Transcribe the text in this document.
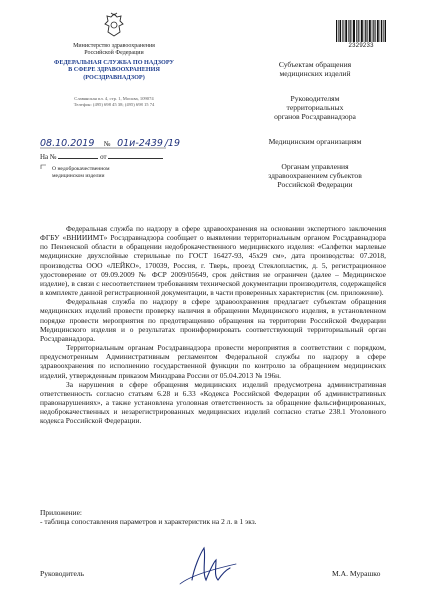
Министерство здравоохранения
Российской Федерации
ФЕДЕРАЛЬНАЯ СЛУЖБА ПО НАДЗОРУ
В СФЕРЕ ЗДРАВООХРАНЕНИЯ
(РОСЗДРАВНАДЗОР)
Славянская пл. 4, стр. 1, Москва, 109074
Телефон: (495) 698 45 38; (495) 698 15 74
2329233
08.10.2019 № 01и-2439 /19
На №	от
О недоброкачественном
медицинском изделии
Субъектам обращения
медицинских изделий
Руководителям
территориальных
органов Росздравнадзора
Медицинским организациям
Органам управления
здравоохранением субъектов
Российской Федерации

Федеральная служба по надзору в сфере здравоохранения на основании экспертного заключения ФГБУ «ВНИИИМТ» Росздравнадзора сообщает о выявлении территориальным органом Росздравнадзора по Пензенской области в обращении недоброкачественного медицинского изделия: «Салфетки марлевые медицинские двухслойные стерильные по ГОСТ 16427-93, 45х29 см», дата производства: 07.2018, производства ООО «ЛЕЙКО», 170039, Россия, г. Тверь, проезд Стеклопластик, д. 5, регистрационное удостоверение от 09.09.2009 № ФСР 2009/05649, срок действия не ограничен (далее – Медицинское изделие), в связи с несоответствием требованиям технической документации производителя, содержащейся в комплекте данной регистрационной документации, в части проверенных характеристик (см. приложение).

Федеральная служба по надзору в сфере здравоохранения предлагает субъектам обращения медицинских изделий провести проверку наличия в обращении Медицинского изделия, в установленном порядке провести мероприятия по предотвращению обращения на территории Российской Федерации Медицинского изделия и о результатах проинформировать соответствующий территориальный орган Росздравнадзора.

Территориальным органам Росздравнадзора провести мероприятия в соответствии с порядком, предусмотренным Административным регламентом Федеральной службы по надзору в сфере здравоохранения по исполнению государственной функции по контролю за обращением медицинских изделий, утвержденным приказом Минздрава России от 05.04.2013 № 196н.

За нарушения в сфере обращения медицинских изделий предусмотрена административная ответственность согласно статьям 6.28 и 6.33 «Кодекса Российской Федерации об административных правонарушениях», а также установлена уголовная ответственность за обращение фальсифицированных, недоброкачественных и незарегистрированных медицинских изделий согласно статье 238.1 Уголовного кодекса Российской Федерации.

Приложение:
- таблица сопоставления параметров и характеристик на 2 л. в 1 экз.
Руководитель	М.А. Мурашко
